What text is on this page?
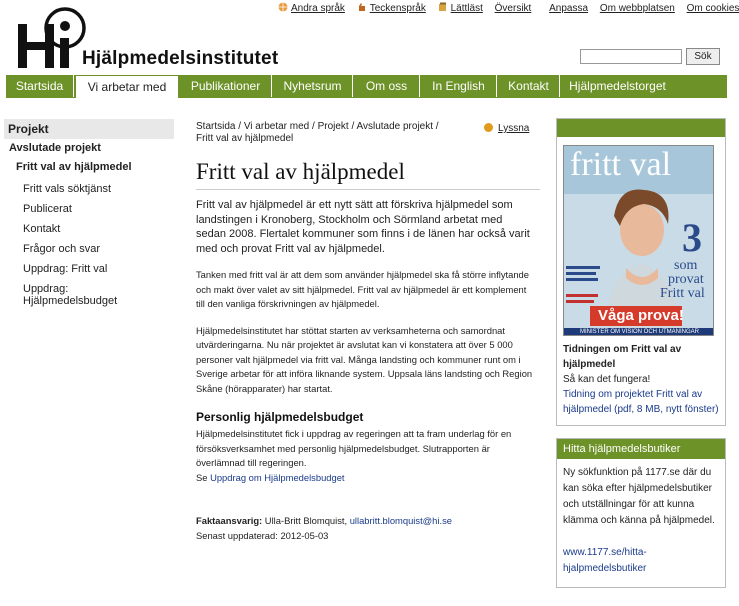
Andra språk Teckenspråk Lättläst Översikt Anpassa Om webbplatsen Om cookies
Hjälpmedelsinstitutet	Sök
Startsida	Vi arbetar med	Publikationer	Nyhetsrum	Om oss	In English	Kontakt	Hjälpmedelstorget
Projekt
Avslutade projekt
Fritt val av hjälpmedel
Fritt vals söktjänst
Publicerat
Kontakt
Frågor och svar
Uppdrag: Fritt val
Uppdrag: Hjälpmedelsbudget
Startsida / Vi arbetar med / Projekt / Avslutade projekt / Fritt val av hjälpmedel
Lyssna
Fritt val av hjälpmedel

Fritt val av hjälpmedel är ett nytt sätt att förskriva hjälpmedel som landstingen i Kronoberg, Stockholm och Sörmland arbetat med sedan 2008. Flertalet kommuner som finns i de länen har också varit med och provat Fritt val av hjälpmedel.

Tanken med fritt val är att dem som använder hjälpmedel ska få större inflytande och makt över valet av sitt hjälpmedel. Fritt val av hjälpmedel är ett komplement till den vanliga förskrivningen av hjälpmedel.

Hjälpmedelsinstitutet har stöttat starten av verksamheterna och samordnat utvärderingarna. Nu när projektet är avslutat kan vi konstatera att över 5 000 personer valt hjälpmedel via fritt val. Många landsting och kommuner runt om i Sverige arbetar för att införa liknande system. Uppsala läns landsting och Region Skåne (hörapparater) har startat.

Personlig hjälpmedelsbudget

Hjälpmedelsinstitutet fick i uppdrag av regeringen att ta fram underlag för en försöksverksamhet med personlig hjälpmedelsbudget. Slutrapporten är överlämnad till regeringen.

Se Uppdrag om Hjälpmedelsbudget

Faktaansvarig: Ulla-Britt Blomquist, ullabritt.blomquist@hi.se
Senast uppdaterad: 2012-05-03
fritt val
3
som
provat
Fritt val
Våga prova!
MINISTER OM VISION OCH UTMANINGAR
Tidningen om Fritt val av hjälpmedel
Så kan det fungera!
Tidning om projektet Fritt val av hjälpmedel (pdf, 8 MB, nytt fönster)
Hitta hjälpmedelsbutiker
Ny sökfunktion på 1177.se där du kan söka efter hjälpmedelsbutiker och utställningar för att kunna klämma och känna på hjälpmedel.

www.1177.se/hitta-hjalpmedelsbutiker
